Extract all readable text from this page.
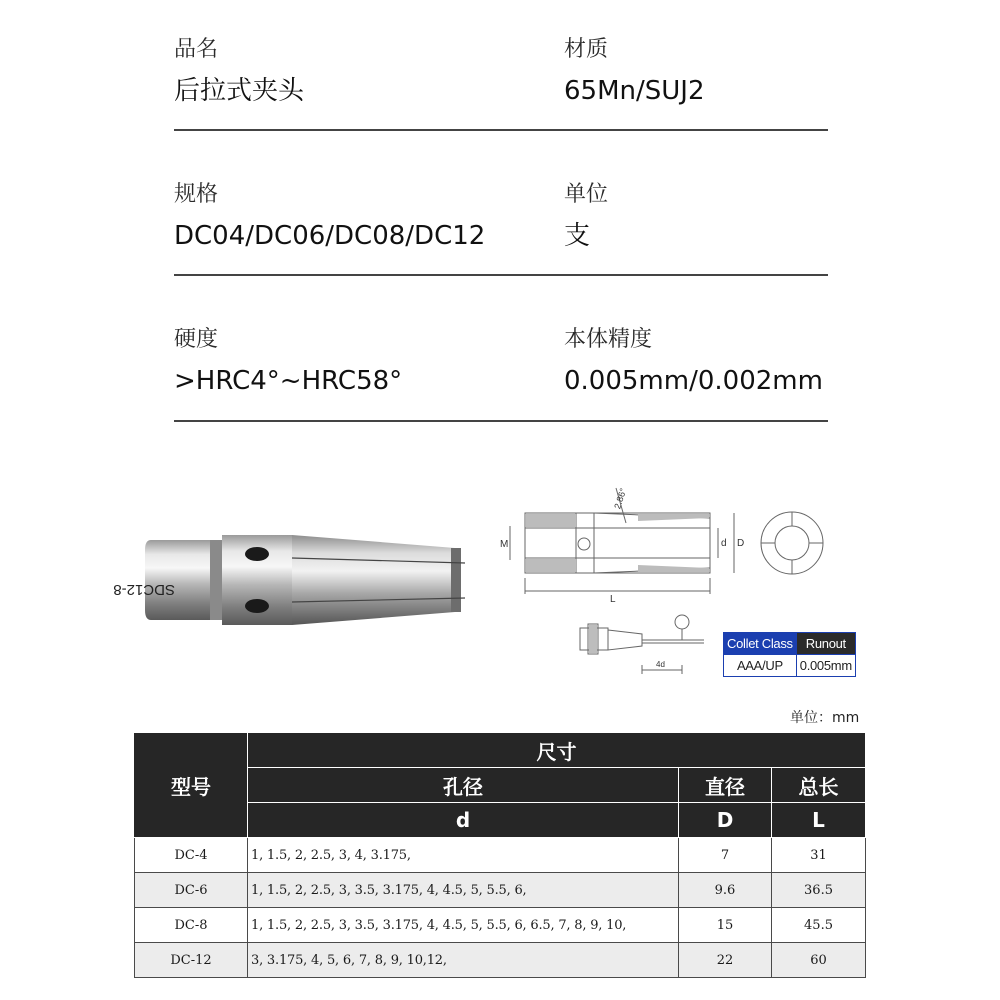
品名
后拉式夹头
材质
65Mn/SUJ2
规格
DC04/DC06/DC08/DC12
单位
支
硬度
>HRC4°~HRC58°
本体精度
0.005mm/0.002mm
SDC12-8
M	d D
L
2.86°
4d
Collet Class	Runout
AAA/UP	0.005mm
单位：mm
型号	尺寸		
	孔径	直径	总长
	d	D	L
DC-4	1, 1.5, 2, 2.5, 3, 4, 3.175,	7	31
DC-6	1, 1.5, 2, 2.5, 3, 3.5, 3.175, 4, 4.5, 5, 5.5, 6,	9.6	36.5
DC-8	1, 1.5, 2, 2.5, 3, 3.5, 3.175, 4, 4.5, 5, 5.5, 6, 6.5, 7, 8, 9, 10,	15	45.5
DC-12	3, 3.175, 4, 5, 6, 7, 8, 9, 10,12,	22	60
